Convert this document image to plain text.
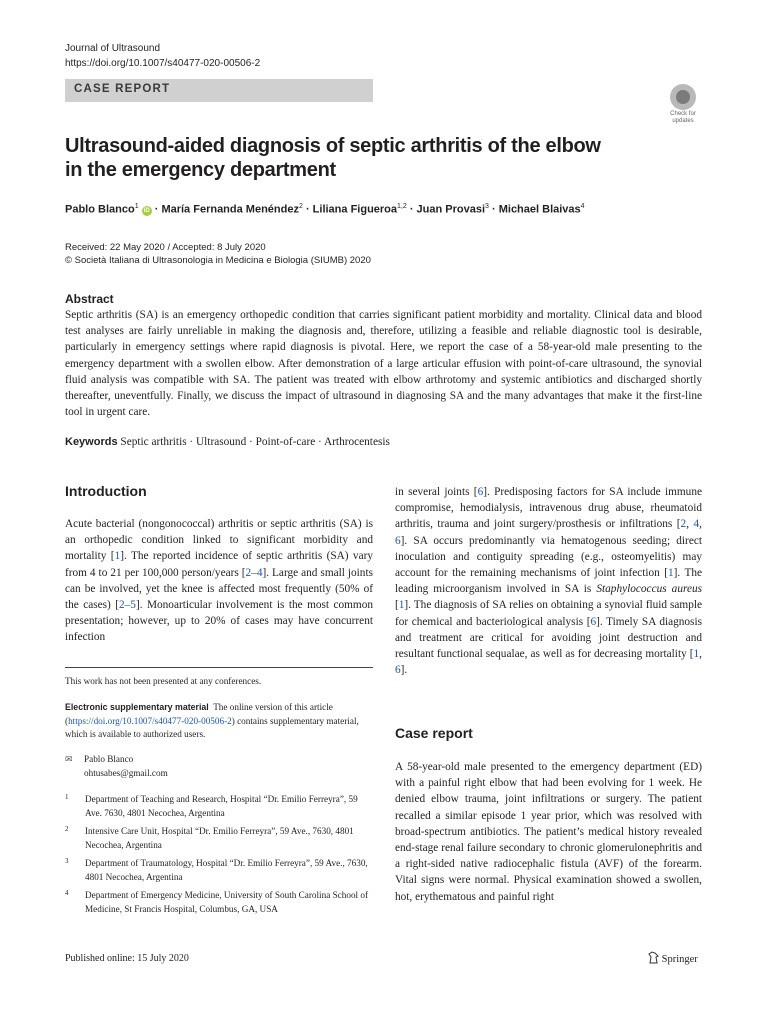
Journal of Ultrasound
https://doi.org/10.1007/s40477-020-00506-2
CASE REPORT
Check for updates
Ultrasound-aided diagnosis of septic arthritis of the elbow
in the emergency department
Pablo Blanco$^1$ iD · María Fernanda Menéndez$^2$ · Liliana Figueroa$^{1,2}$ · Juan Provasi$^3$ · Michael Blaivas$^4$
Received: 22 May 2020 / Accepted: 8 July 2020
© Società Italiana di Ultrasonologia in Medicina e Biologia (SIUMB) 2020
Abstract
Septic arthritis (SA) is an emergency orthopedic condition that carries significant patient morbidity and mortality. Clinical data and blood test analyses are fairly unreliable in making the diagnosis and, therefore, utilizing a feasible and reliable diagnostic tool is desirable, particularly in emergency settings where rapid diagnosis is pivotal. Here, we report the case of a 58-year-old male presenting to the emergency department with a swollen elbow. After demonstration of a large articular effusion with point-of-care ultrasound, the synovial fluid analysis was compatible with SA. The patient was treated with elbow arthrotomy and systemic antibiotics and discharged shortly thereafter, uneventfully. Finally, we discuss the impact of ultrasound in diagnosing SA and the many advantages that make it the first-line tool in urgent care.
Keywords Septic arthritis · Ultrasound · Point-of-care · Arthrocentesis
Introduction
Acute bacterial (nongonococcal) arthritis or septic arthritis (SA) is an orthopedic condition linked to significant morbidity and mortality [1]. The reported incidence of septic arthritis (SA) vary from 4 to 21 per 100,000 person/years [2–4]. Large and small joints can be involved, yet the knee is affected most frequently (50% of the cases) [2–5]. Monoarticular involvement is the most common presentation; however, up to 20% of cases may have concurrent infection
in several joints [6]. Predisposing factors for SA include immune compromise, hemodialysis, intravenous drug abuse, rheumatoid arthritis, trauma and joint surgery/prosthesis or infiltrations [2, 4, 6]. SA occurs predominantly via hematogenous seeding; direct inoculation and contiguity spreading (e.g., osteomyelitis) may account for the remaining mechanisms of joint infection [1]. The leading microorganism involved in SA is Staphylococcus aureus [1]. The diagnosis of SA relies on obtaining a synovial fluid sample for chemical and bacteriological analysis [6]. Timely SA diagnosis and treatment are critical for avoiding joint destruction and resultant functional sequalae, as well as for decreasing mortality [1, 6].
This work has not been presented at any conferences.
Electronic supplementary material The online version of this article (https://doi.org/10.1007/s40477-020-00506-2) contains supplementary material, which is available to authorized users.
✉ Pablo Blanco
ohtusabes@gmail.com
1 Department of Teaching and Research, Hospital “Dr. Emilio Ferreyra”, 59 Ave. 7630, 4801 Necochea, Argentina
2 Intensive Care Unit, Hospital “Dr. Emilio Ferreyra”, 59 Ave., 7630, 4801 Necochea, Argentina
3 Department of Traumatology, Hospital “Dr. Emilio Ferreyra”, 59 Ave., 7630, 4801 Necochea, Argentina
4 Department of Emergency Medicine, University of South Carolina School of Medicine, St Francis Hospital, Columbus, GA, USA
Case report
A 58-year-old male presented to the emergency department (ED) with a painful right elbow that had been evolving for 1 week. He denied elbow trauma, joint infiltrations or surgery. The patient recalled a similar episode 1 year prior, which was resolved with broad-spectrum antibiotics. The patient’s medical history revealed end-stage renal failure secondary to chronic glomerulonephritis and a right-sided native radiocephalic fistula (AVF) of the forearm. Vital signs were normal. Physical examination showed a swollen, hot, erythematous and painful right
Published online: 15 July 2020	Springer
